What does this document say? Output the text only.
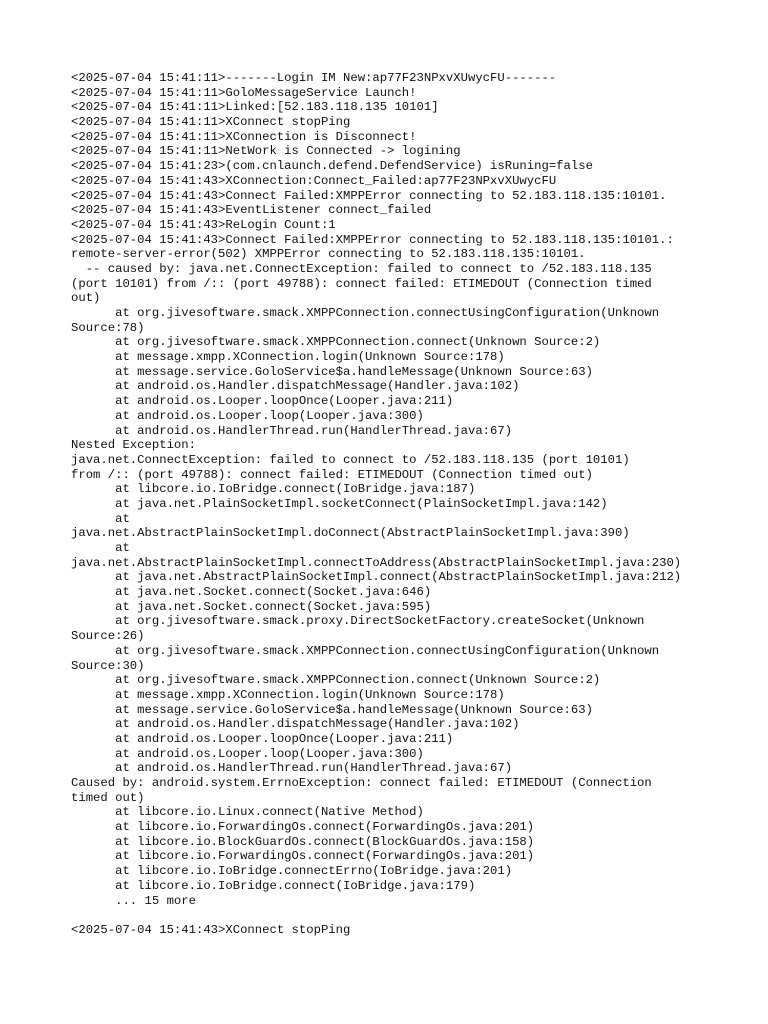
<2025-07-04 15:41:11>-------Login IM New:ap77F23NPxvXUwycFU-------
<2025-07-04 15:41:11>GoloMessageService Launch!
<2025-07-04 15:41:11>Linked:[52.183.118.135 10101]
<2025-07-04 15:41:11>XConnect stopPing
<2025-07-04 15:41:11>XConnection is Disconnect!
<2025-07-04 15:41:11>NetWork is Connected -> logining
<2025-07-04 15:41:23>(com.cnlaunch.defend.DefendService) isRuning=false
<2025-07-04 15:41:43>XConnection:Connect_Failed:ap77F23NPxvXUwycFU
<2025-07-04 15:41:43>Connect Failed:XMPPError connecting to 52.183.118.135:10101.
<2025-07-04 15:41:43>EventListener connect_failed
<2025-07-04 15:41:43>ReLogin Count:1
<2025-07-04 15:41:43>Connect Failed:XMPPError connecting to 52.183.118.135:10101.:
remote-server-error(502) XMPPError connecting to 52.183.118.135:10101.
-- caused by: java.net.ConnectException: failed to connect to /52.183.118.135
(port 10101) from /:: (port 49788): connect failed: ETIMEDOUT (Connection timed
out)
at org.jivesoftware.smack.XMPPConnection.connectUsingConfiguration(Unknown
Source:78)
at org.jivesoftware.smack.XMPPConnection.connect(Unknown Source:2)
at message.xmpp.XConnection.login(Unknown Source:178)
at message.service.GoloService$a.handleMessage(Unknown Source:63)
at android.os.Handler.dispatchMessage(Handler.java:102)
at android.os.Looper.loopOnce(Looper.java:211)
at android.os.Looper.loop(Looper.java:300)
at android.os.HandlerThread.run(HandlerThread.java:67)
Nested Exception:
java.net.ConnectException: failed to connect to /52.183.118.135 (port 10101)
from /:: (port 49788): connect failed: ETIMEDOUT (Connection timed out)
at libcore.io.IoBridge.connect(IoBridge.java:187)
at java.net.PlainSocketImpl.socketConnect(PlainSocketImpl.java:142)
at
java.net.AbstractPlainSocketImpl.doConnect(AbstractPlainSocketImpl.java:390)
at
java.net.AbstractPlainSocketImpl.connectToAddress(AbstractPlainSocketImpl.java:230)
at java.net.AbstractPlainSocketImpl.connect(AbstractPlainSocketImpl.java:212)
at java.net.Socket.connect(Socket.java:646)
at java.net.Socket.connect(Socket.java:595)
at org.jivesoftware.smack.proxy.DirectSocketFactory.createSocket(Unknown
Source:26)
at org.jivesoftware.smack.XMPPConnection.connectUsingConfiguration(Unknown
Source:30)
at org.jivesoftware.smack.XMPPConnection.connect(Unknown Source:2)
at message.xmpp.XConnection.login(Unknown Source:178)
at message.service.GoloService$a.handleMessage(Unknown Source:63)
at android.os.Handler.dispatchMessage(Handler.java:102)
at android.os.Looper.loopOnce(Looper.java:211)
at android.os.Looper.loop(Looper.java:300)
at android.os.HandlerThread.run(HandlerThread.java:67)
Caused by: android.system.ErrnoException: connect failed: ETIMEDOUT (Connection
timed out)
at libcore.io.Linux.connect(Native Method)
at libcore.io.ForwardingOs.connect(ForwardingOs.java:201)
at libcore.io.BlockGuardOs.connect(BlockGuardOs.java:158)
at libcore.io.ForwardingOs.connect(ForwardingOs.java:201)
at libcore.io.IoBridge.connectErrno(IoBridge.java:201)
at libcore.io.IoBridge.connect(IoBridge.java:179)
... 15 more
<2025-07-04 15:41:43>XConnect stopPing
